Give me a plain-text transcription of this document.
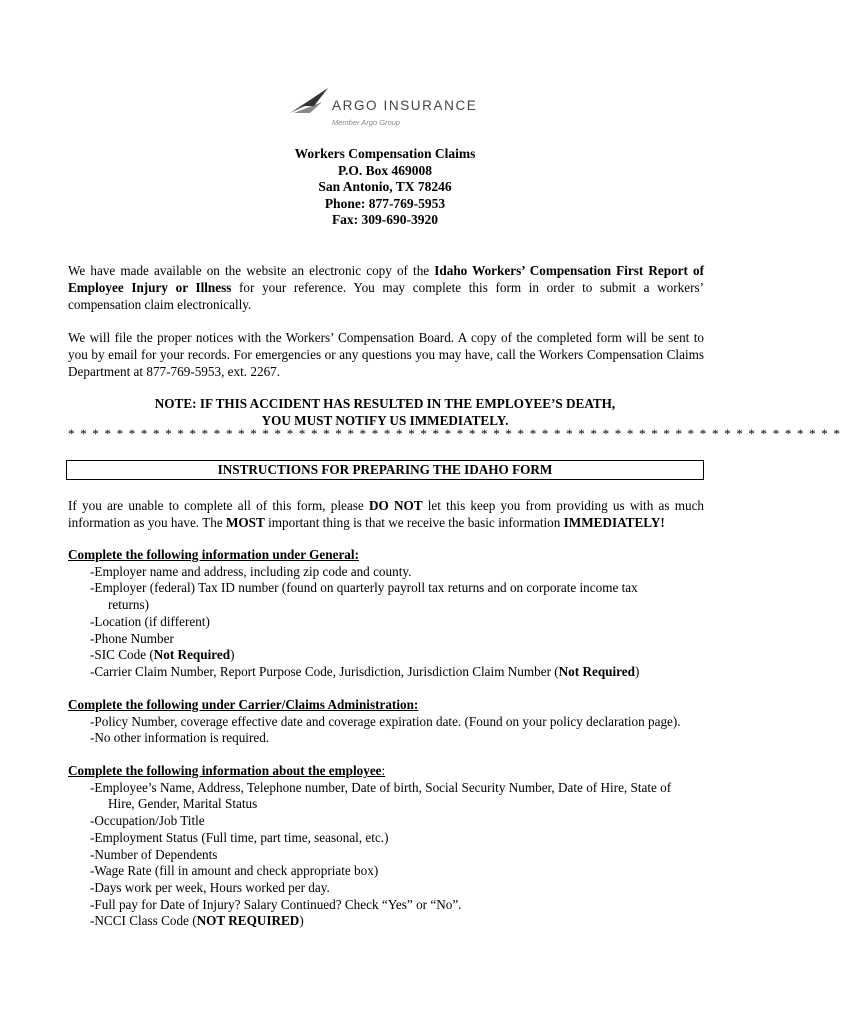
ARGO INSURANCE
Member Argo Group
Workers Compensation Claims
P.O. Box 469008
San Antonio, TX 78246
Phone: 877-769-5953
Fax: 309-690-3920
We have made available on the website an electronic copy of the Idaho Workers’ Compensation First Report of Employee Injury or Illness for your reference. You may complete this form in order to submit a workers’ compensation claim electronically.
We will file the proper notices with the Workers’ Compensation Board. A copy of the completed form will be sent to you by email for your records. For emergencies or any questions you may have, call the Workers Compensation Claims Department at 877-769-5953, ext. 2267.
NOTE: IF THIS ACCIDENT HAS RESULTED IN THE EMPLOYEE’S DEATH,
YOU MUST NOTIFY US IMMEDIATELY.
* * * * * * * * * * * * * * * * * * * * * * * * * * * * * * * * * * * * * * * * * * * * * * * * * * * * * * * * * * * * * * * *
INSTRUCTIONS FOR PREPARING THE IDAHO FORM
If you are unable to complete all of this form, please DO NOT let this keep you from providing us with as much information as you have. The MOST important thing is that we receive the basic information IMMEDIATELY!
Complete the following information under General:
-Employer name and address, including zip code and county.
-Employer (federal) Tax ID number (found on quarterly payroll tax returns and on corporate income tax
returns)
-Location (if different)
-Phone Number
-SIC Code (Not Required)
-Carrier Claim Number, Report Purpose Code, Jurisdiction, Jurisdiction Claim Number (Not Required)
Complete the following under Carrier/Claims Administration:
-Policy Number, coverage effective date and coverage expiration date. (Found on your policy declaration page).
-No other information is required.
Complete the following information about the employee:
-Employee’s Name, Address, Telephone number, Date of birth, Social Security Number, Date of Hire, State of
Hire, Gender, Marital Status
-Occupation/Job Title
-Employment Status (Full time, part time, seasonal, etc.)
-Number of Dependents
-Wage Rate (fill in amount and check appropriate box)
-Days work per week, Hours worked per day.
-Full pay for Date of Injury? Salary Continued? Check “Yes” or “No”.
-NCCI Class Code (NOT REQUIRED)
